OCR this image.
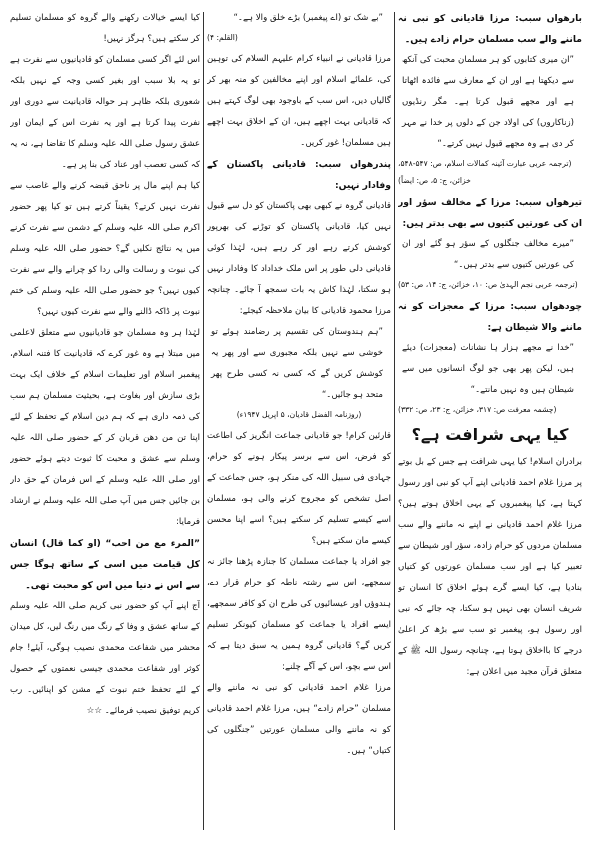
بارھواں سبب: مرزا قادیانی کو نبی نہ ماننے والے سب مسلمان حرام زادے ہیں۔

”ان میری کتابوں کو ہر مسلمان محبت کی آنکھ سے دیکھتا ہے اور ان کے معارف سے فائدہ اٹھاتا ہے اور مجھے قبول کرتا ہے۔ مگر رنڈیوں (زناکاروں) کی اولاد جن کے دلوں پر خدا نے مہر کر دی ہے وہ مجھے قبول نہیں کرتے۔“

(ترجمہ عربی عبارت آئینہ کمالات اسلام، ص: ۵۴۷-۵۴۸، خزائن، ج: ۵، ص: ایضاً)

تیرھواں سبب: مرزا کے مخالف سؤر اور ان کی عورتیں کتیوں سے بھی بدتر ہیں:

”میرے مخالف جنگلوں کے سؤر ہو گئے اور ان کی عورتیں کتیوں سے بدتر ہیں۔“

(ترجمہ عربی نجم الہدیٰ ص: ۱۰، خزائن، ج: ۱۴، ص: ۵۳)

چودھواں سبب: مرزا کے معجزات کو نہ ماننے والا شیطان ہے:

”خدا نے مجھے ہزار ہا نشانات (معجزات) دیئے ہیں، لیکن پھر بھی جو لوگ انسانوں میں سے شیطان ہیں وہ نہیں مانتے۔“

(چشمہ معرفت ص: ۳۱۷، خزائن، ج: ۲۳، ص: ۳۳۲)

کیا یہی شرافت ہے؟

برادران اسلام! کیا یہی شرافت ہے جس کے بل بوتے پر مرزا غلام احمد قادیانی اپنے آپ کو نبی اور رسول کہتا ہے، کیا پیغمبروں کے یہی اخلاق ہوتے ہیں؟ مرزا غلام احمد قادیانی نے اپنے نہ ماننے والے سب مسلمان مردوں کو حرام زادہ، سؤر اور شیطان سے تعبیر کیا ہے اور سب مسلمان عورتوں کو کتیاں بنادیا ہے، کیا ایسے گرے ہوئے اخلاق کا انسان تو شریف انسان بھی نہیں ہو سکتا، چہ جائے کہ نبی اور رسول ہو، پیغمبر تو سب سے بڑھ کر اعلیٰ درجے کا بااخلاق ہوتا ہے، چنانچہ رسول اللہ ﷺ کے متعلق قرآن مجید میں اعلان ہے:

”بے شک تو (اے پیغمبر) بڑے خلق والا ہے۔“

(القلم: ۴)

مرزا قادیانی نے انبیاء کرام علیہم السلام کی توہین کی، علمائے اسلام اور اپنے مخالفین کو منہ بھر کر گالیاں دیں، اس سب کے باوجود بھی لوگ کہتے ہیں کہ قادیانی بہت اچھے ہیں، ان کے اخلاق بہت اچھے ہیں مسلمان! غور کریں۔

پندرھواں سبب: قادیانی پاکستان کے وفادار نہیں:

قادیانی گروہ نے کبھی بھی پاکستان کو دل سے قبول نہیں کیا، قادیانی پاکستان کو توڑنے کی بھرپور کوشش کرتے رہے اور کر رہے ہیں، لہٰذا کوئی قادیانی دلی طور پر اس ملک خداداد کا وفادار نہیں ہو سکتا، لہٰذا کاش یہ بات سمجھ آ جائے۔ چنانچہ مرزا محمود قادیانی کا بیان ملاحظہ کیجئے:

”ہم ہندوستان کی تقسیم پر رضامند ہوئے تو خوشی سے نہیں بلکہ مجبوری سے اور پھر یہ کوشش کریں گے کہ کسی نہ کسی طرح پھر متحد ہو جائیں۔“

(روزنامہ الفضل قادیان، ۵ اپریل ۱۹۴۷ء)

قارئین کرام! جو قادیانی جماعت انگریز کی اطاعت کو فرض، اس سے برسر پیکار ہونے کو حرام، جہادی فی سبیل اللہ کی منکر ہو، جس جماعت کے اصل تشخص کو مجروح کرنے والی ہو، مسلمان اسے کیسے تسلیم کر سکتے ہیں؟ اسے اپنا محسن کیسے مان سکتے ہیں؟

جو افراد یا جماعت مسلمان کا جنازہ پڑھنا جائز نہ سمجھے، اس سے رشتہ ناطہ کو حرام قرار دے، ہندوؤں اور عیسائیوں کی طرح ان کو کافر سمجھے، ایسے افراد یا جماعت کو مسلمان کیونکر تسلیم کریں گے؟ قادیانی گروہ ہمیں یہ سبق دیتا ہے کہ اس سے بچو، اس کے آگے چلنے:

مرزا غلام احمد قادیانی کو نبی نہ ماننے والے مسلمان ”حرام زادے“ ہیں، مرزا غلام احمد قادیانی کو نہ ماننے والی مسلمان عورتیں ”جنگلوں کی کتیاں“ ہیں۔

کیا ایسے خیالات رکھنے والے گروہ کو مسلمان تسلیم کر سکتے ہیں؟ ہرگز نہیں!

اس لئے اگر کسی مسلمان کو قادیانیوں سے نفرت ہے تو یہ بلا سبب اور بغیر کسی وجہ کے نہیں بلکہ شعوری بلکہ ظاہر ہر حوالہ قادیانیت سے دوری اور نفرت پیدا کرتا ہے اور یہ نفرت اس کے ایمان اور عشق رسول صلی اللہ علیہ وسلم کا تقاضا ہے، نہ یہ کہ کسی تعصب اور عناد کی بنا پر ہے۔

کیا ہم اپنے مال پر ناحق قبضہ کرنے والے غاصب سے نفرت نہیں کرتے؟ یقیناً کرتے ہیں تو کیا پھر حضور اکرم صلی اللہ علیہ وسلم کے دشمن سے نفرت کرنے میں یہ نتائج نکلیں گے؟ حضور صلی اللہ علیہ وسلم کی نبوت و رسالت والی ردا کو چرانے والے سے نفرت کیوں نہیں؟ جو حضور صلی اللہ علیہ وسلم کی ختم نبوت پر ڈاکہ ڈالنے والے سے نفرت کیوں نہیں؟

لہٰذا ہر وہ مسلمان جو قادیانیوں سے متعلق لاعلمی میں مبتلا ہے وہ غور کرے کہ قادیانیت کا فتنہ اسلام، پیغمبر اسلام اور تعلیمات اسلام کے خلاف ایک بہت بڑی سازش اور بغاوت ہے، بحیثیت مسلمان ہم سب کی ذمہ داری ہے کہ ہم دین اسلام کے تحفظ کے لئے اپنا تن من دھن قربان کر کے حضور صلی اللہ علیہ وسلم سے عشق و محبت کا ثبوت دیتے ہوئے حضور اور صلی اللہ علیہ وسلم کے اس فرمان کے حق دار بن جائیں جس میں آپ صلی اللہ علیہ وسلم نے ارشاد فرمایا:

”المرء مع من احب“ (او کما قال) انسان کل قیامت میں اسی کے ساتھ ہوگا جس سے اس نے دنیا میں اس کو محبت تھی۔

آج اپنے آپ کو حضور نبی کریم صلی اللہ علیہ وسلم کے ساتھ عشق و وفا کے رنگ میں رنگ لیں، کل میدان محشر میں شفاعت محمدی نصیب ہوگی، آیئے! جام کوثر اور شفاعت محمدی جیسی نعمتوں کے حصول کے لئے تحفظ ختم نبوت کے مشن کو اپنائیں۔ رب کریم توفیق نصیب فرمائے۔ ☆☆
